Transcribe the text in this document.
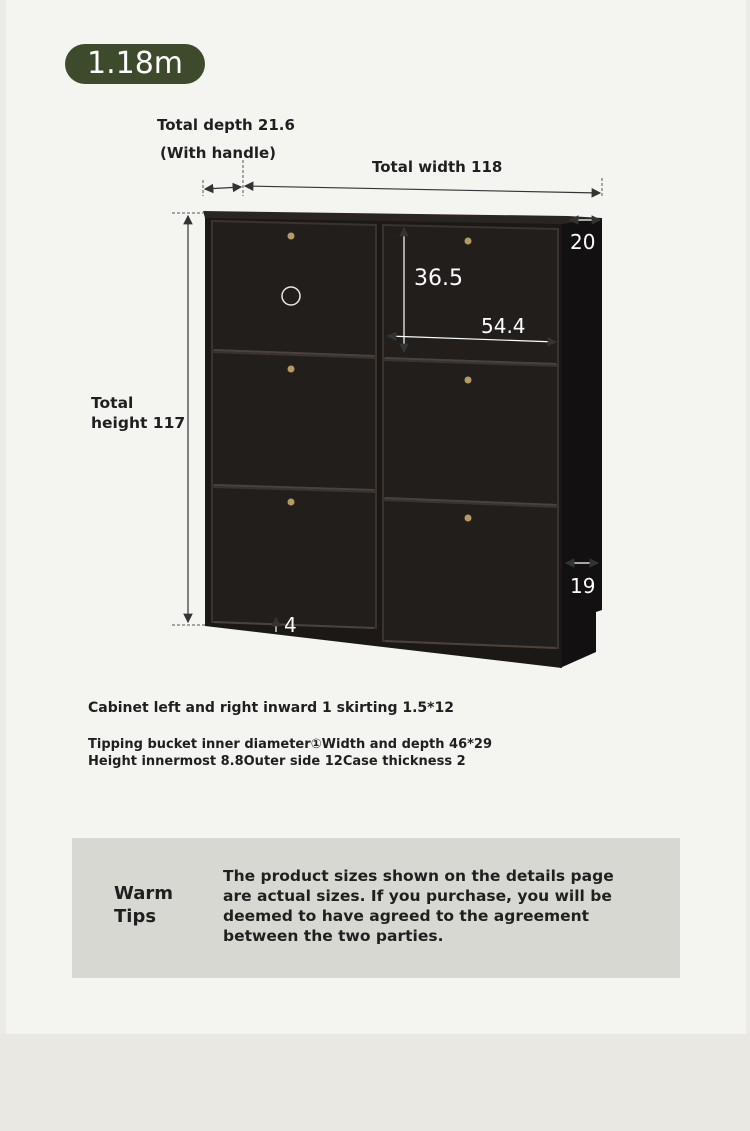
1.18m
Total depth 21.6
(With handle)
Total width 118
Total
height 117
20
36.5
54.4
19
4
Cabinet left and right inward 1 skirting 1.5*12
Tipping bucket inner diameter①Width and depth 46*29
Height innermost 8.8Outer side 12Case thickness 2
Warm Tips
The product sizes shown on the details page are actual sizes. If you purchase, you will be deemed to have agreed to the agreement between the two parties.
